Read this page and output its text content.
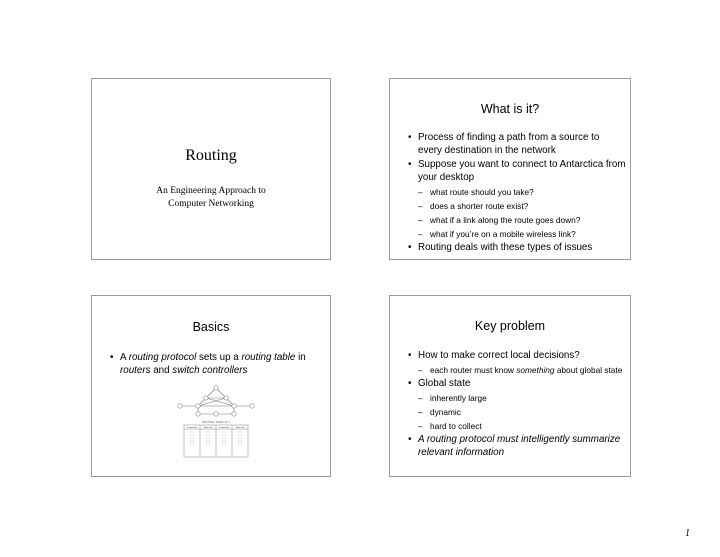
Routing
An Engineering Approach to
Computer Networking
What is it?
• Process of finding a path from a source to every destination in the network
• Suppose you want to connect to Antarctica from your desktop
– what route should you take?
– does a shorter route exist?
– what if a link along the route goes down?
– what if you’re on a mobile wireless link?
• Routing deals with these types of issues
Basics
• A routing protocol sets up a routing table in routers and switch controllers
ROUTING TABLE AT 1
Destination	Next hop	Destination	Next hop
Key problem
• How to make correct local decisions?
– each router must know something about global state
• Global state
– inherently large
– dynamic
– hard to collect
• A routing protocol must intelligently summarize relevant information
1
